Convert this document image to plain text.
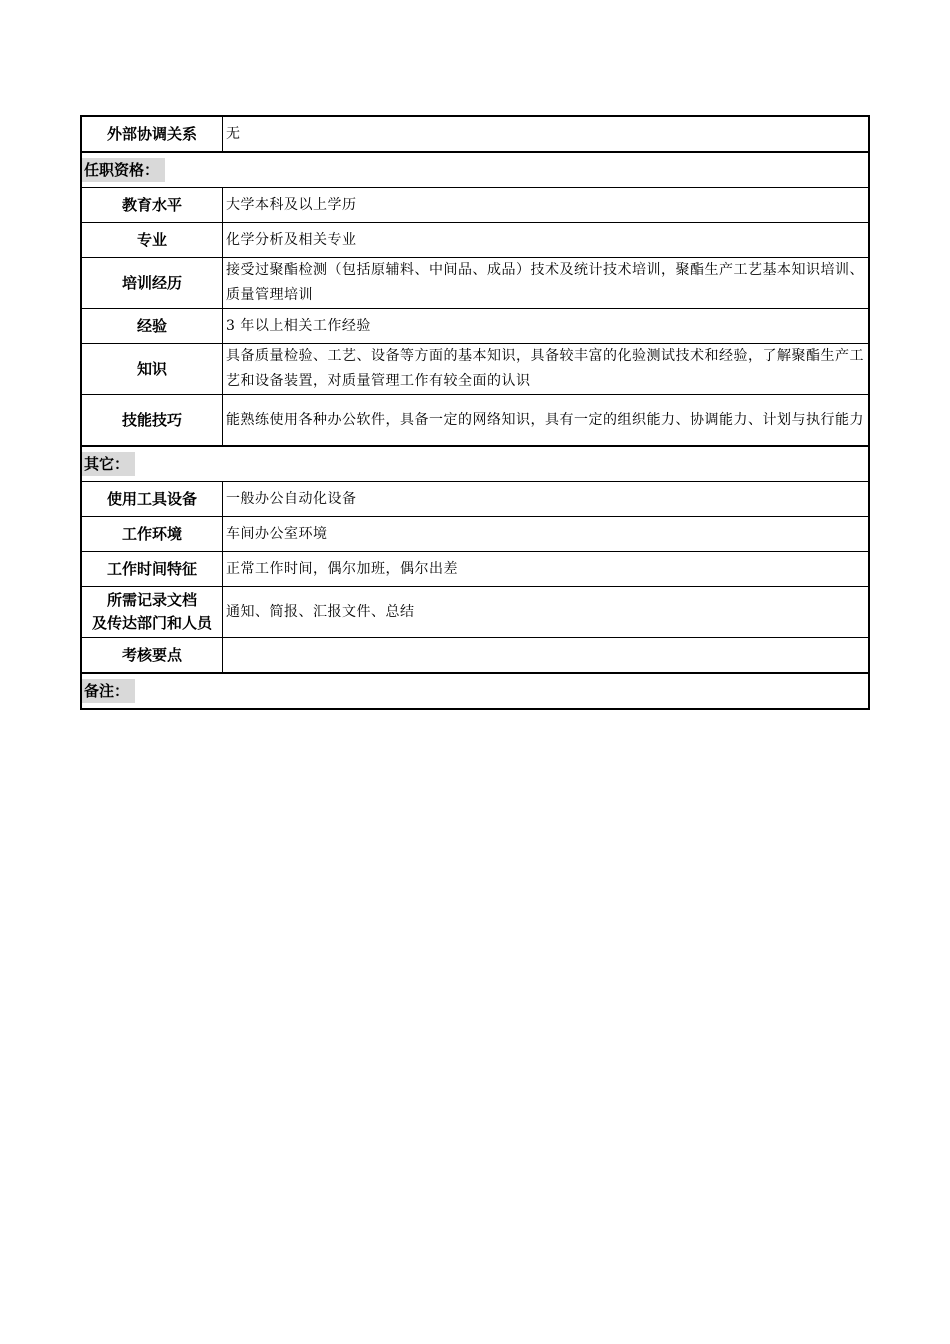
外部协调关系	无
任职资格：	
教育水平	大学本科及以上学历
专业	化学分析及相关专业
培训经历	接受过聚酯检测（包括原辅料、中间品、成品）技术及统计技术培训，聚酯生产工艺基本知识培训、质量管理培训
经验	3 年以上相关工作经验
知识	具备质量检验、工艺、设备等方面的基本知识，具备较丰富的化验测试技术和经验，了解聚酯生产工艺和设备装置，对质量管理工作有较全面的认识
技能技巧	能熟练使用各种办公软件，具备一定的网络知识，具有一定的组织能力、协调能力、计划与执行能力
其它：	
使用工具设备	一般办公自动化设备
工作环境	车间办公室环境
工作时间特征	正常工作时间，偶尔加班，偶尔出差

所需记录文档
及传达部门和人员	通知、简报、汇报文件、总结
考核要点	
备注：	
